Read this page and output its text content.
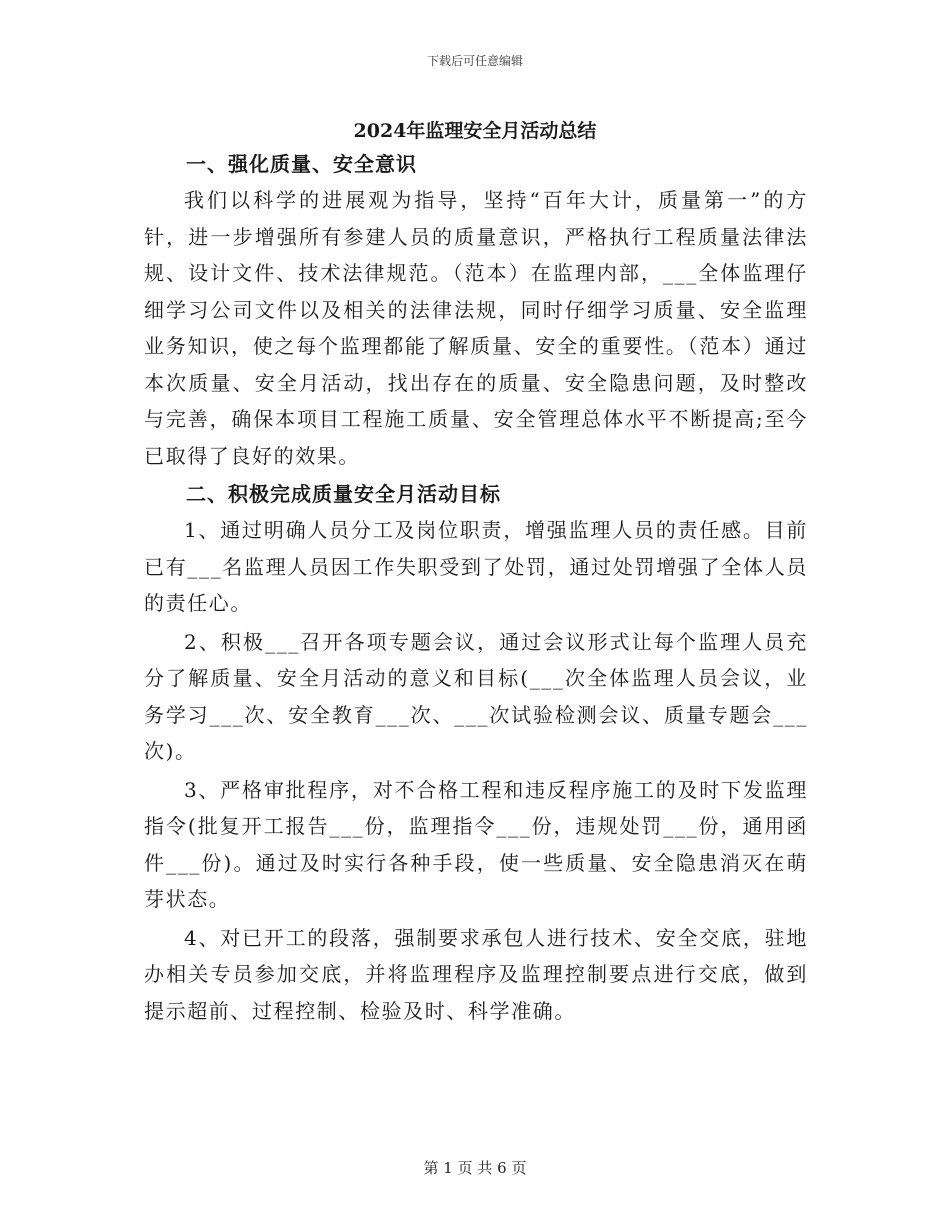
下载后可任意编辑
2024年监理安全月活动总结

一、强化质量、安全意识

我们以科学的进展观为指导，坚持“百年大计，质量第一”的方针，进一步增强所有参建人员的质量意识，严格执行工程质量法律法规、设计文件、技术法律规范。（范本）在监理内部，___全体监理仔细学习公司文件以及相关的法律法规，同时仔细学习质量、安全监理业务知识，使之每个监理都能了解质量、安全的重要性。（范本）通过本次质量、安全月活动，找出存在的质量、安全隐患问题，及时整改与完善，确保本项目工程施工质量、安全管理总体水平不断提高;至今已取得了良好的效果。

二、积极完成质量安全月活动目标

1、通过明确人员分工及岗位职责，增强监理人员的责任感。目前已有___名监理人员因工作失职受到了处罚，通过处罚增强了全体人员的责任心。

2、积极___召开各项专题会议，通过会议形式让每个监理人员充分了解质量、安全月活动的意义和目标(___次全体监理人员会议，业务学习___次、安全教育___次、___次试验检测会议、质量专题会___次)。

3、严格审批程序，对不合格工程和违反程序施工的及时下发监理指令(批复开工报告___份，监理指令___份，违规处罚___份，通用函件___份)。通过及时实行各种手段，使一些质量、安全隐患消灭在萌芽状态。

4、对已开工的段落，强制要求承包人进行技术、安全交底，驻地办相关专员参加交底，并将监理程序及监理控制要点进行交底，做到提示超前、过程控制、检验及时、科学准确。

第 1 页 共 6 页
